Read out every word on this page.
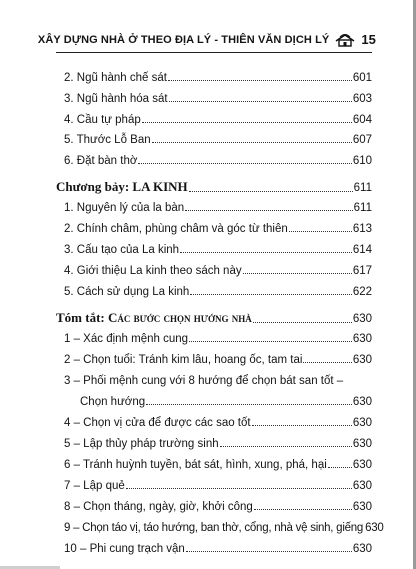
XÂY DỰNG NHÀ Ở THEO ĐỊA LÝ - THIÊN VĂN DỊCH LÝ 15
2. Ngũ hành chế sát	601
3. Ngũ hành hóa sát	603
4. Cầu tự pháp	604
5. Thước Lỗ Ban	607
6. Đặt bàn thờ	610
Chương bảy: LA KINH	611
1. Nguyên lý của la bàn	611
2. Chính châm, phùng châm và góc từ thiên	613
3. Cấu tạo của La kinh	614
4. Giới thiệu La kinh theo sách này	617
5. Cách sử dụng La kinh	622
Tóm tắt: Các bước chọn hướng nhà	630
1 – Xác định mệnh cung	630
2 – Chọn tuổi: Tránh kim lâu, hoang ốc, tam tai	630
3 – Phối mệnh cung với 8 hướng để chọn bát san tốt –
Chọn hướng	630
4 – Chọn vị cửa để được các sao tốt	630
5 – Lập thủy pháp trường sinh	630
6 – Tránh huỳnh tuyền, bát sát, hình, xung, phá, hại 630
7 – Lập quẻ	630
8 – Chọn tháng, ngày, giờ, khởi công	630
9 – Chọn táo vị, táo hướng, ban thờ, cổng, nhà vệ sinh, giếng 630
10 – Phi cung trạch vận	630
